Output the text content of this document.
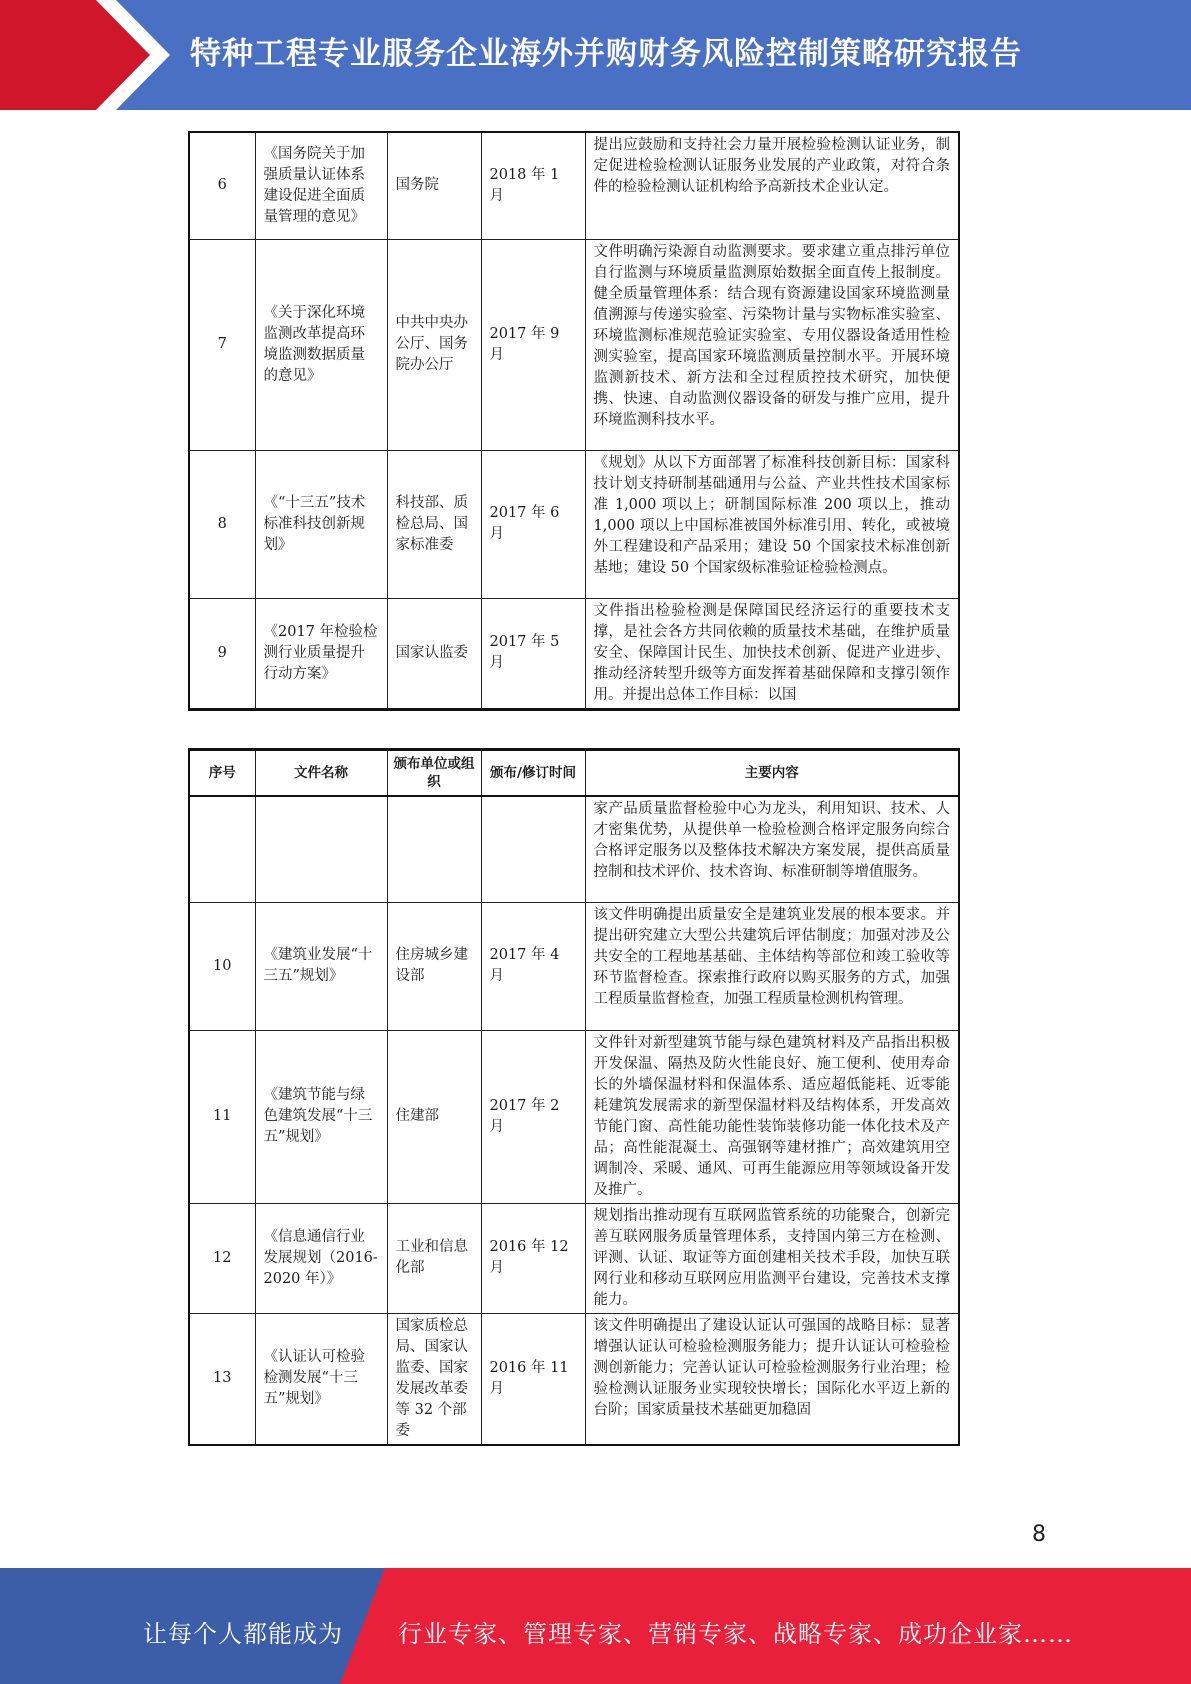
特种工程专业服务企业海外并购财务风险控制策略研究报告
6	《国务院关于加强质量认证体系建设促进全面质量管理的意见》	国务院	2018 年 1 月	提出应鼓励和支持社会力量开展检验检测认证业务，制定促进检验检测认证服务业发展的产业政策，对符合条件的检验检测认证机构给予高新技术企业认定。
7	《关于深化环境监测改革提高环境监测数据质量的意见》	中共中央办公厅、国务院办公厅	2017 年 9 月	文件明确污染源自动监测要求。要求建立重点排污单位自行监测与环境质量监测原始数据全面直传上报制度。健全质量管理体系：结合现有资源建设国家环境监测量值溯源与传递实验室、污染物计量与实物标准实验室、环境监测标准规范验证实验室、专用仪器设备适用性检测实验室，提高国家环境监测质量控制水平。开展环境监测新技术、新方法和全过程质控技术研究，加快便携、快速、自动监测仪器设备的研发与推广应用，提升环境监测科技水平。
8	《“十三五”技术标准科技创新规划》	科技部、质检总局、国家标准委	2017 年 6 月	《规划》从以下方面部署了标准科技创新目标：国家科技计划支持研制基础通用与公益、产业共性技术国家标准 1,000 项以上；研制国际标准 200 项以上，推动 1,000 项以上中国标准被国外标准引用、转化，或被境外工程建设和产品采用；建设 50 个国家技术标准创新基地；建设 50 个国家级标准验证检验检测点。
9	《2017 年检验检测行业质量提升行动方案》	国家认监委	2017 年 5 月	文件指出检验检测是保障国民经济运行的重要技术支撑，是社会各方共同依赖的质量技术基础，在维护质量安全、保障国计民生、加快技术创新、促进产业进步、推动经济转型升级等方面发挥着基础保障和支撑引领作用。并提出总体工作目标：以国
序号	文件名称	颁布单位或组织	颁布/修订时间	主要内容
				家产品质量监督检验中心为龙头，利用知识、技术、人才密集优势，从提供单一检验检测合格评定服务向综合合格评定服务以及整体技术解决方案发展，提供高质量控制和技术评价、技术咨询、标准研制等增值服务。
10	《建筑业发展“十三五”规划》	住房城乡建设部	2017 年 4 月	该文件明确提出质量安全是建筑业发展的根本要求。并提出研究建立大型公共建筑后评估制度；加强对涉及公共安全的工程地基基础、主体结构等部位和竣工验收等环节监督检查。探索推行政府以购买服务的方式，加强工程质量监督检查，加强工程质量检测机构管理。
11	《建筑节能与绿色建筑发展“十三五”规划》	住建部	2017 年 2 月	文件针对新型建筑节能与绿色建筑材料及产品指出积极开发保温、隔热及防火性能良好、施工便利、使用寿命长的外墙保温材料和保温体系、适应超低能耗、近零能耗建筑发展需求的新型保温材料及结构体系，开发高效节能门窗、高性能功能性装饰装修功能一体化技术及产品；高性能混凝土、高强钢等建材推广；高效建筑用空调制冷、采暖、通风、可再生能源应用等领域设备开发及推广。
12	《信息通信行业发展规划（2016-2020 年）》	工业和信息化部	2016 年 12 月	规划指出推动现有互联网监管系统的功能聚合，创新完善互联网服务质量管理体系，支持国内第三方在检测、评测、认证、取证等方面创建相关技术手段，加快互联网行业和移动互联网应用监测平台建设，完善技术支撑能力。
13	《认证认可检验检测发展“十三五”规划》	国家质检总局、国家认监委、国家发展改革委等 32 个部委	2016 年 11 月	该文件明确提出了建设认证认可强国的战略目标：显著增强认证认可检验检测服务能力；提升认证认可检验检测创新能力；完善认证认可检验检测服务行业治理；检验检测认证服务业实现较快增长；国际化水平迈上新的台阶；国家质量技术基础更加稳固
8
让每个人都能成为 行业专家、管理专家、营销专家、战略专家、成功企业家……
